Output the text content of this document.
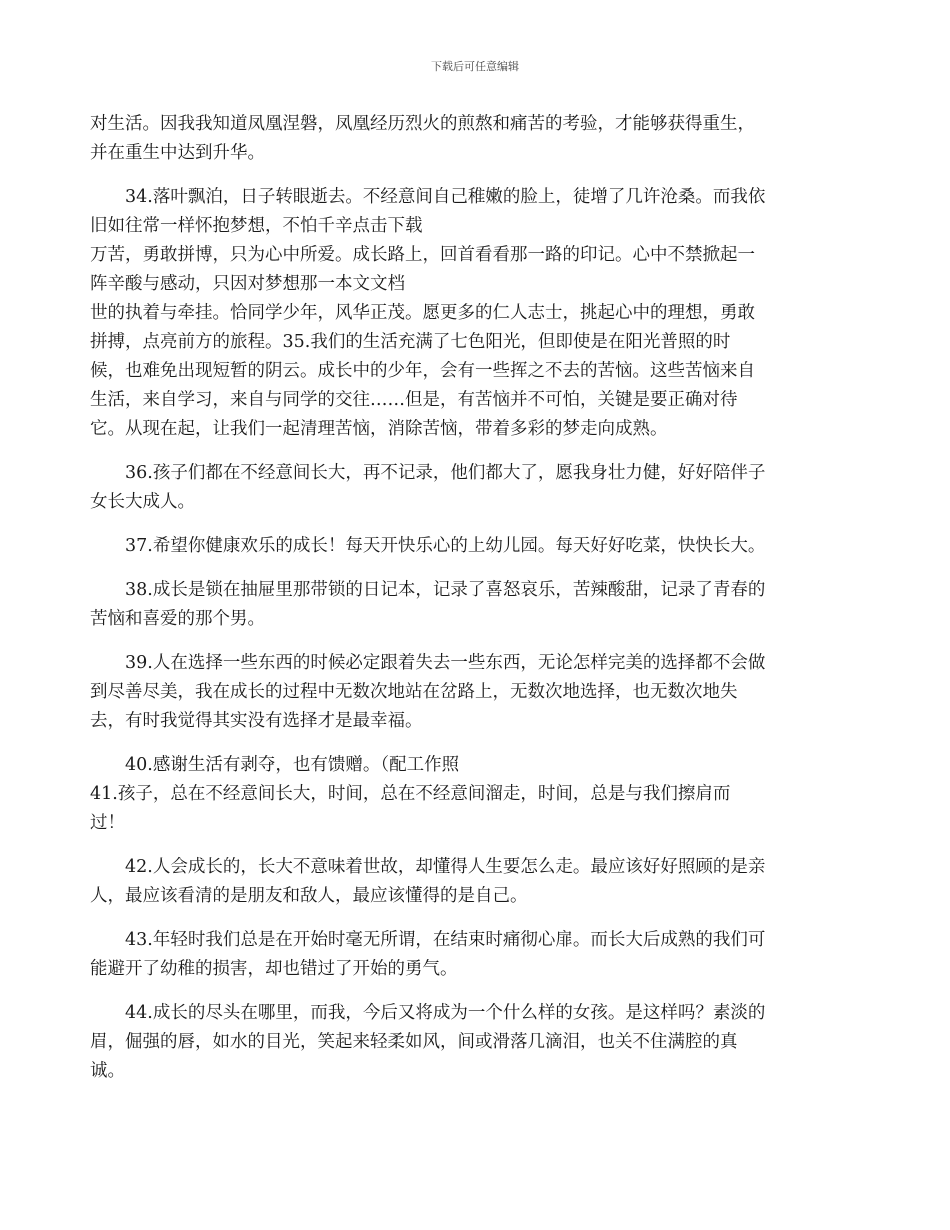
下载后可任意编辑
对生活。因我我知道凤凰涅磐，凤凰经历烈火的煎熬和痛苦的考验，才能够获得重生，
并在重生中达到升华。
34.落叶飘泊，日子转眼逝去。不经意间自己稚嫩的脸上，徒增了几许沧桑。而我依
旧如往常一样怀抱梦想，不怕千辛点击下载
万苦，勇敢拼博，只为心中所爱。成长路上，回首看看那一路的印记。心中不禁掀起一
阵辛酸与感动，只因对梦想那一本文文档
世的执着与牵挂。恰同学少年，风华正茂。愿更多的仁人志士，挑起心中的理想，勇敢
拼搏，点亮前方的旅程。35.我们的生活充满了七色阳光，但即使是在阳光普照的时
候，也难免出现短暂的阴云。成长中的少年，会有一些挥之不去的苦恼。这些苦恼来自
生活，来自学习，来自与同学的交往……但是，有苦恼并不可怕，关键是要正确对待
它。从现在起，让我们一起清理苦恼，消除苦恼，带着多彩的梦走向成熟。
36.孩子们都在不经意间长大，再不记录，他们都大了，愿我身壮力健，好好陪伴子
女长大成人。
37.希望你健康欢乐的成长！每天开快乐心的上幼儿园。每天好好吃菜，快快长大。
38.成长是锁在抽屉里那带锁的日记本，记录了喜怒哀乐，苦辣酸甜，记录了青春的
苦恼和喜爱的那个男。
39.人在选择一些东西的时候必定跟着失去一些东西，无论怎样完美的选择都不会做
到尽善尽美，我在成长的过程中无数次地站在岔路上，无数次地选择，也无数次地失
去，有时我觉得其实没有选择才是最幸福。
40.感谢生活有剥夺，也有馈赠。（配工作照
41.孩子，总在不经意间长大，时间，总在不经意间溜走，时间，总是与我们擦肩而
过！
42.人会成长的，长大不意味着世故，却懂得人生要怎么走。最应该好好照顾的是亲
人，最应该看清的是朋友和敌人，最应该懂得的是自己。
43.年轻时我们总是在开始时毫无所谓，在结束时痛彻心扉。而长大后成熟的我们可
能避开了幼稚的损害，却也错过了开始的勇气。
44.成长的尽头在哪里，而我，今后又将成为一个什么样的女孩。是这样吗？素淡的
眉，倔强的唇，如水的目光，笑起来轻柔如风，间或滑落几滴泪，也关不住满腔的真
诚。
